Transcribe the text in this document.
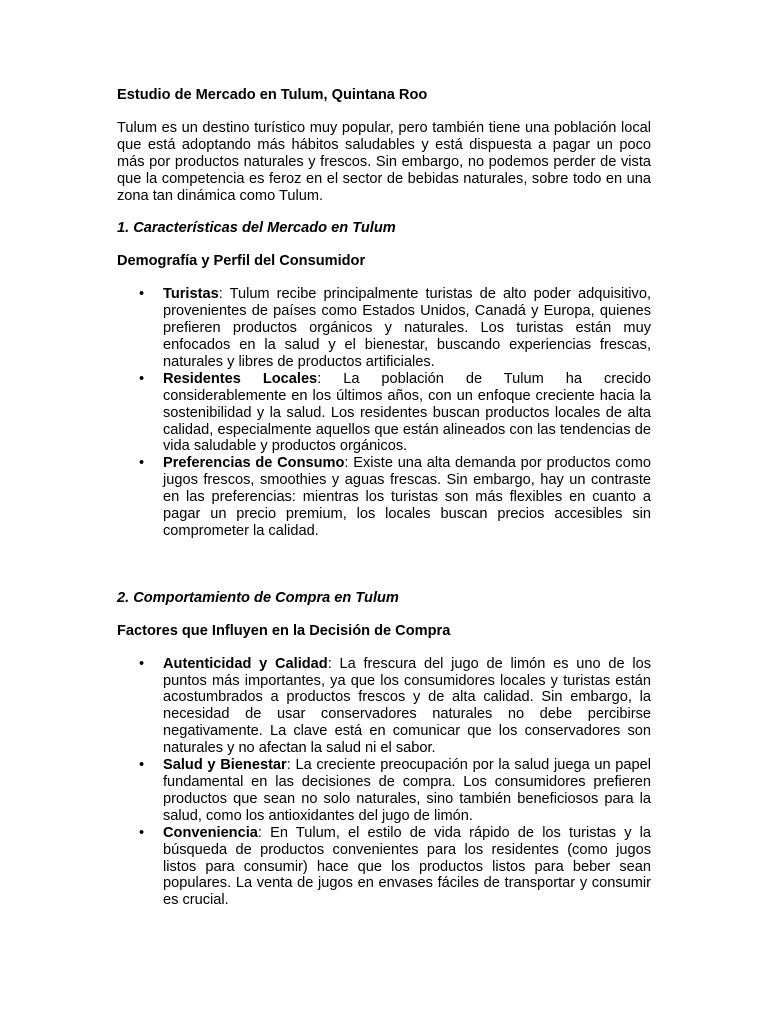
Estudio de Mercado en Tulum, Quintana Roo
Tulum es un destino turístico muy popular, pero también tiene una población local que está adoptando más hábitos saludables y está dispuesta a pagar un poco más por productos naturales y frescos. Sin embargo, no podemos perder de vista que la competencia es feroz en el sector de bebidas naturales, sobre todo en una zona tan dinámica como Tulum.
1. Características del Mercado en Tulum
Demografía y Perfil del Consumidor
• Turistas: Tulum recibe principalmente turistas de alto poder adquisitivo, provenientes de países como Estados Unidos, Canadá y Europa, quienes prefieren productos orgánicos y naturales. Los turistas están muy enfocados en la salud y el bienestar, buscando experiencias frescas, naturales y libres de productos artificiales.
• Residentes Locales: La población de Tulum ha crecido considerablemente en los últimos años, con un enfoque creciente hacia la sostenibilidad y la salud. Los residentes buscan productos locales de alta calidad, especialmente aquellos que están alineados con las tendencias de vida saludable y productos orgánicos.
• Preferencias de Consumo: Existe una alta demanda por productos como jugos frescos, smoothies y aguas frescas. Sin embargo, hay un contraste en las preferencias: mientras los turistas son más flexibles en cuanto a pagar un precio premium, los locales buscan precios accesibles sin comprometer la calidad.
2. Comportamiento de Compra en Tulum
Factores que Influyen en la Decisión de Compra
• Autenticidad y Calidad: La frescura del jugo de limón es uno de los puntos más importantes, ya que los consumidores locales y turistas están acostumbrados a productos frescos y de alta calidad. Sin embargo, la necesidad de usar conservadores naturales no debe percibirse negativamente. La clave está en comunicar que los conservadores son naturales y no afectan la salud ni el sabor.
• Salud y Bienestar: La creciente preocupación por la salud juega un papel fundamental en las decisiones de compra. Los consumidores prefieren productos que sean no solo naturales, sino también beneficiosos para la salud, como los antioxidantes del jugo de limón.
• Conveniencia: En Tulum, el estilo de vida rápido de los turistas y la búsqueda de productos convenientes para los residentes (como jugos listos para consumir) hace que los productos listos para beber sean populares. La venta de jugos en envases fáciles de transportar y consumir es crucial.
